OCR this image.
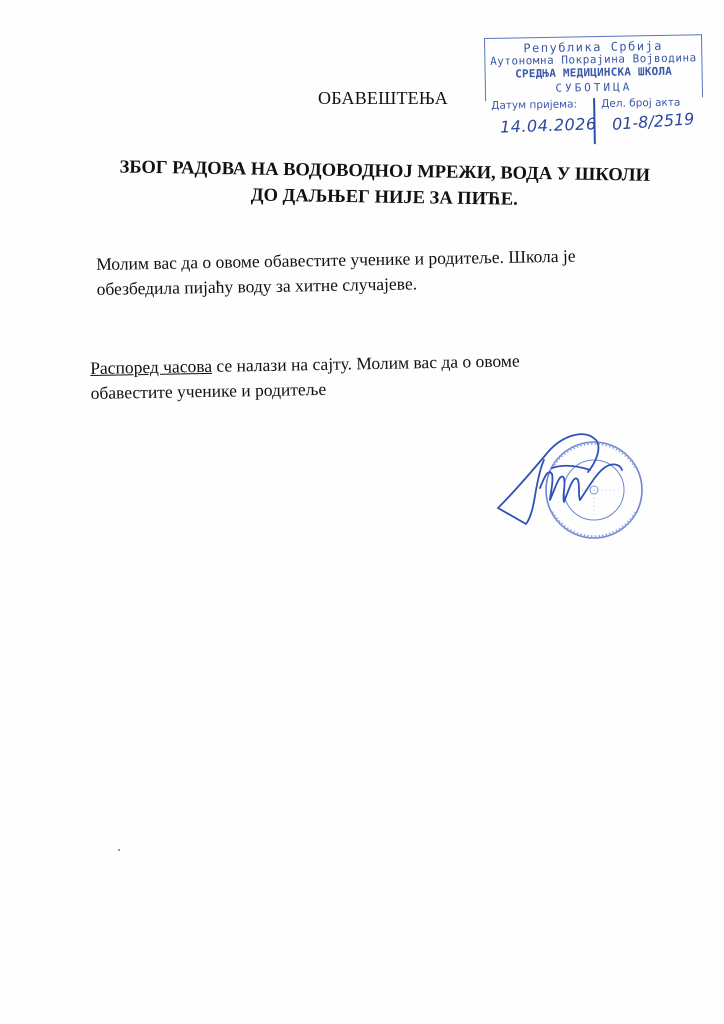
ОБАВЕШТЕЊА
ЗБОГ РАДОВА НА ВОДОВОДНОЈ МРЕЖИ, ВОДА У ШКОЛИ
ДО ДАЉЊЕГ НИЈЕ ЗА ПИЋЕ.
Молим вас да о овоме обавестите ученике и родитеље. Школа је
обезбедила пијаћу воду за хитне случајеве.
Распоред часова се налази на сајту. Молим вас да о овоме
обавестите ученике и родитеље
Република Србија
Аутономна Покрајина Војводина
СРЕДЊА МЕДИЦИНСКА ШКОЛА
СУБОТИЦА
Датум пријема: Дел. број акта
14.04.2026 01-8/2519
